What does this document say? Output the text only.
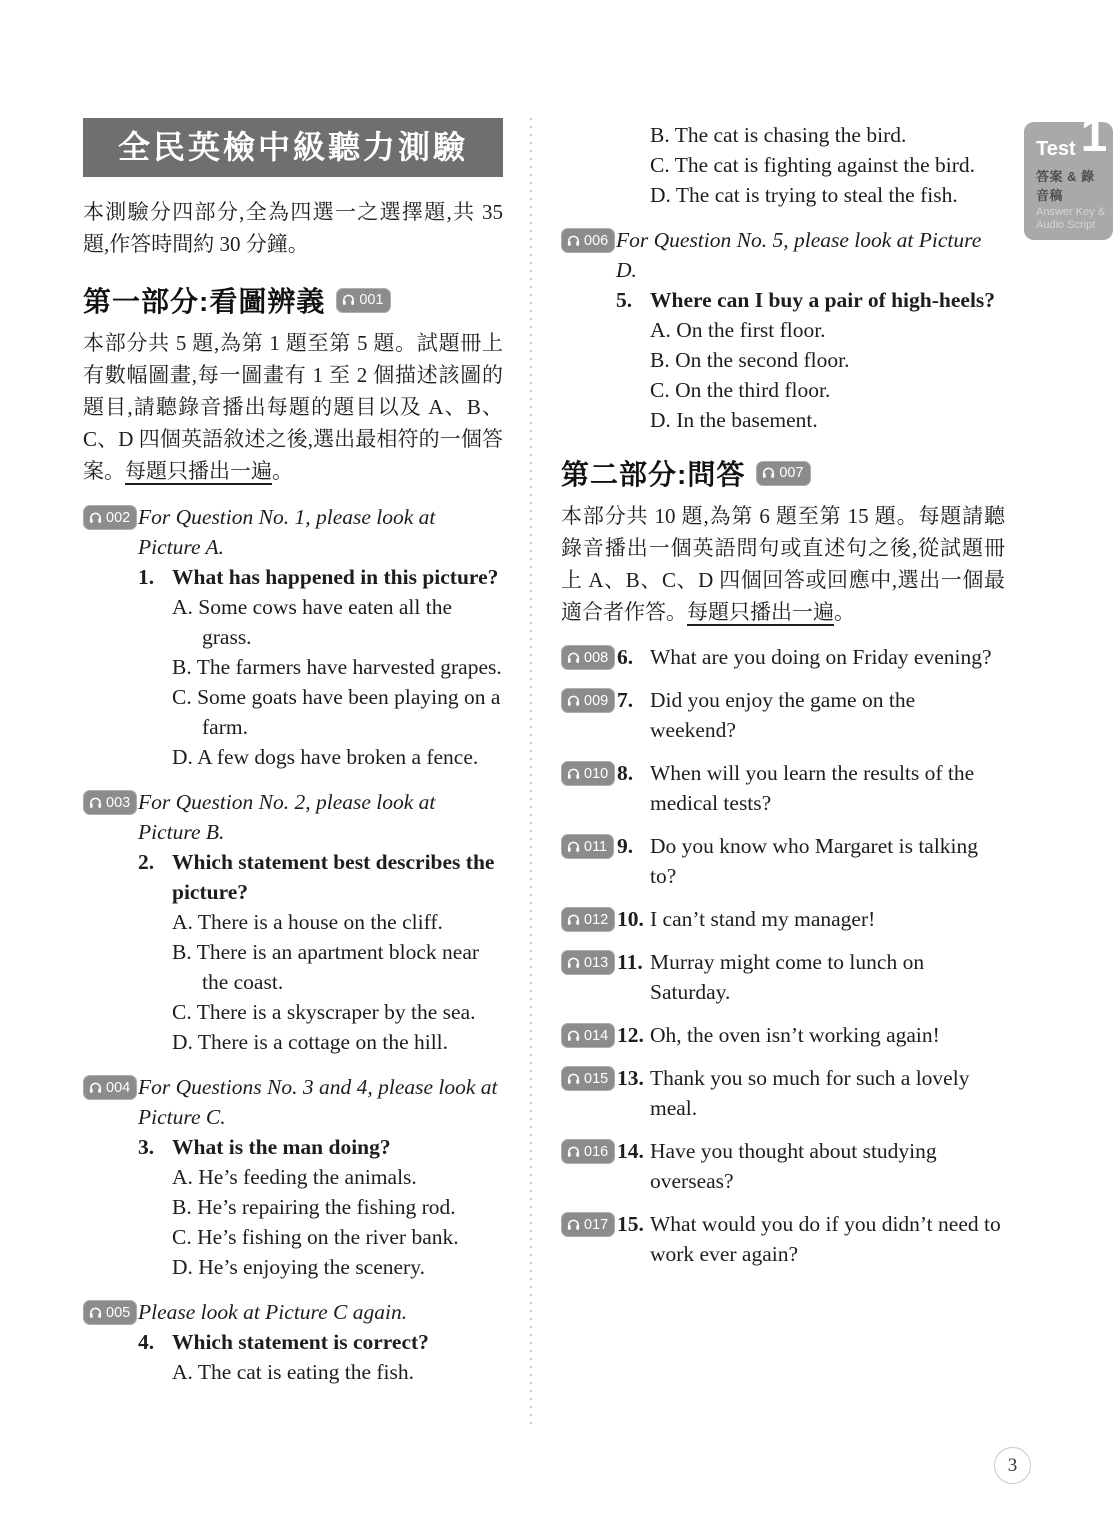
全民英檢中級聽力測驗

本測驗分四部分,全為四選一之選擇題,共 35 題,作答時間約 30 分鐘。

第一部分:看圖辨義 001

本部分共 5 題,為第 1 題至第 5 題。試題冊上有數幅圖畫,每一圖畫有 1 至 2 個描述該圖的題目,請聽錄音播出每題的題目以及 A、B、C、D 四個英語敘述之後,選出最相符的一個答案。每題只播出一遍。

002 For Question No. 1, please look at Picture A.

1. What has happened in this picture?

A. Some cows have eaten all the grass.

B. The farmers have harvested grapes.

C. Some goats have been playing on a farm.

D. A few dogs have broken a fence.

003 For Question No. 2, please look at Picture B.

2. Which statement best describes the picture?

A. There is a house on the cliff.

B. There is an apartment block near the coast.

C. There is a skyscraper by the sea.

D. There is a cottage on the hill.

004 For Questions No. 3 and 4, please look at Picture C.

3. What is the man doing?

A. He’s feeding the animals.

B. He’s repairing the fishing rod.

C. He’s fishing on the river bank.

D. He’s enjoying the scenery.

005 Please look at Picture C again.

4. Which statement is correct?

A. The cat is eating the fish.

B. The cat is chasing the bird.

C. The cat is fighting against the bird.

D. The cat is trying to steal the fish.

006 For Question No. 5, please look at Picture D.

5. Where can I buy a pair of high-heels?

A. On the first floor.

B. On the second floor.

C. On the third floor.

D. In the basement.

第二部分:問答 007

本部分共 10 題,為第 6 題至第 15 題。每題請聽錄音播出一個英語問句或直述句之後,從試題冊上 A、B、C、D 四個回答或回應中,選出一個最適合者作答。每題只播出一遍。

008 6. What are you doing on Friday evening?

009 7. Did you enjoy the game on the weekend?

010 8. When will you learn the results of the medical tests?

011 9. Do you know who Margaret is talking to?

012 10. I can’t stand my manager!

013 11. Murray might come to lunch on Saturday.

014 12. Oh, the oven isn’t working again!

015 13. Thank you so much for such a lovely meal.

016 14. Have you thought about studying overseas?

017 15. What would you do if you didn’t need to work ever again?

Test 1
答案 & 錄音稿
Answer Key &
Audio Script
3
